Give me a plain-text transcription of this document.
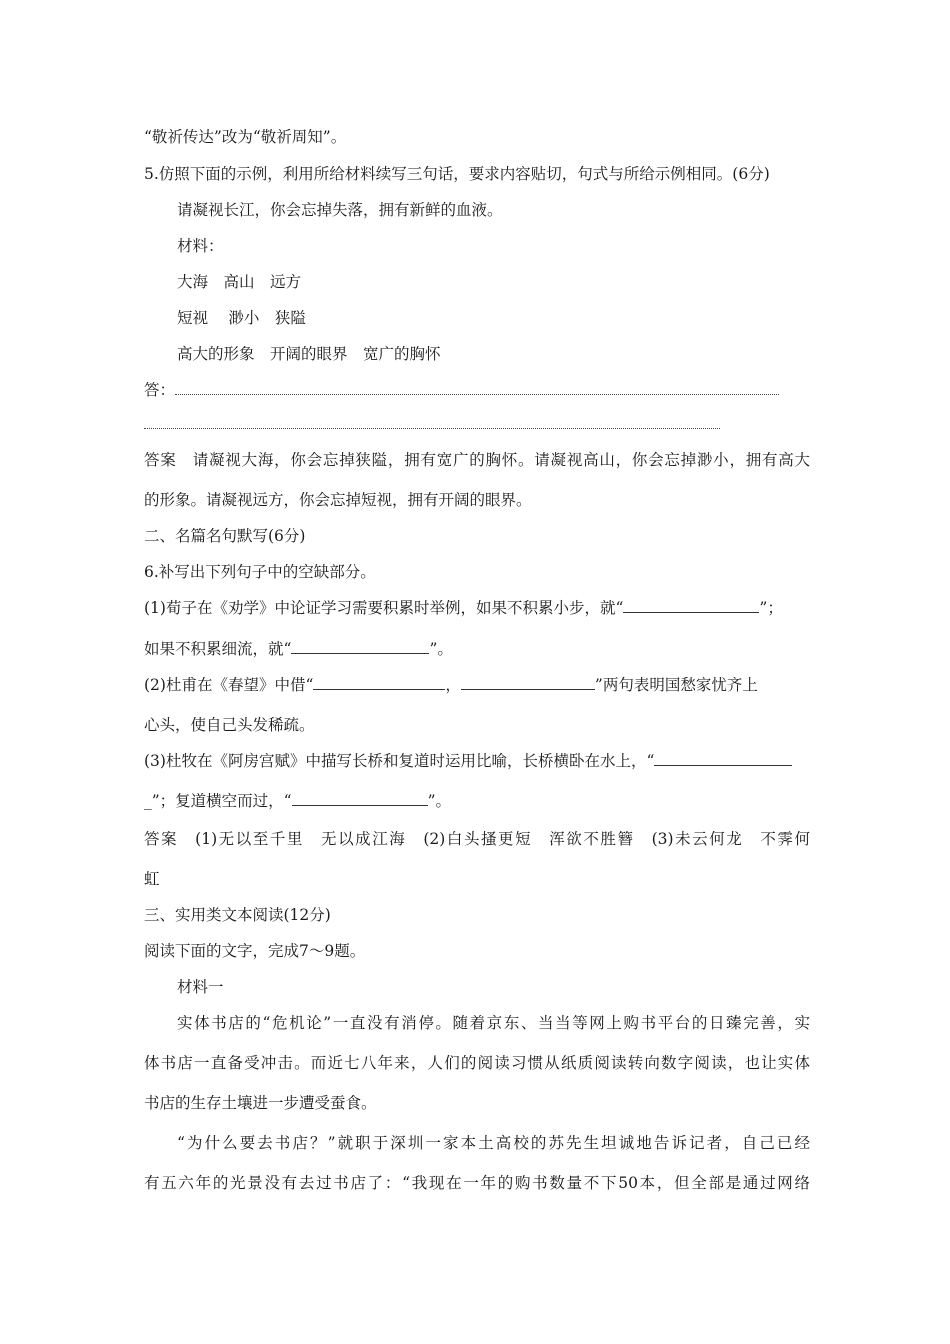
“敬祈传达”改为“敬祈周知”。
5.仿照下面的示例，利用所给材料续写三句话，要求内容贴切，句式与所给示例相同。(6分)
请凝视长江，你会忘掉失落，拥有新鲜的血液。
材料：
大海　高山　远方
短视　 渺小　狭隘
高大的形象　开阔的眼界　宽广的胸怀
答：
答案　请凝视大海，你会忘掉狭隘，拥有宽广的胸怀。请凝视高山，你会忘掉渺小，拥有高大
的形象。请凝视远方，你会忘掉短视，拥有开阔的眼界。
二、名篇名句默写(6分)
6.补写出下列句子中的空缺部分。
(1)荀子在《劝学》中论证学习需要积累时举例，如果不积累小步，就“	”；
如果不积累细流，就“	”。
(2)杜甫在《春望》中借“	，	”两句表明国愁家忧齐上
心头，使自己头发稀疏。
(3)杜牧在《阿房宫赋》中描写长桥和复道时运用比喻，长桥横卧在水上，“
_”；复道横空而过，“	”。
答案　(1)无以至千里　无以成江海　(2)白头搔更短　浑欲不胜簪　(3)未云何龙　不霁何
虹
三、实用类文本阅读(12分)
阅读下面的文字，完成7～9题。
材料一
实体书店的“危机论”一直没有消停。随着京东、当当等网上购书平台的日臻完善，实
体书店一直备受冲击。而近七八年来，人们的阅读习惯从纸质阅读转向数字阅读，也让实体
书店的生存土壤进一步遭受蚕食。
“为什么要去书店？”就职于深圳一家本土高校的苏先生坦诚地告诉记者，自己已经
有五六年的光景没有去过书店了：“我现在一年的购书数量不下50本，但全部是通过网络
